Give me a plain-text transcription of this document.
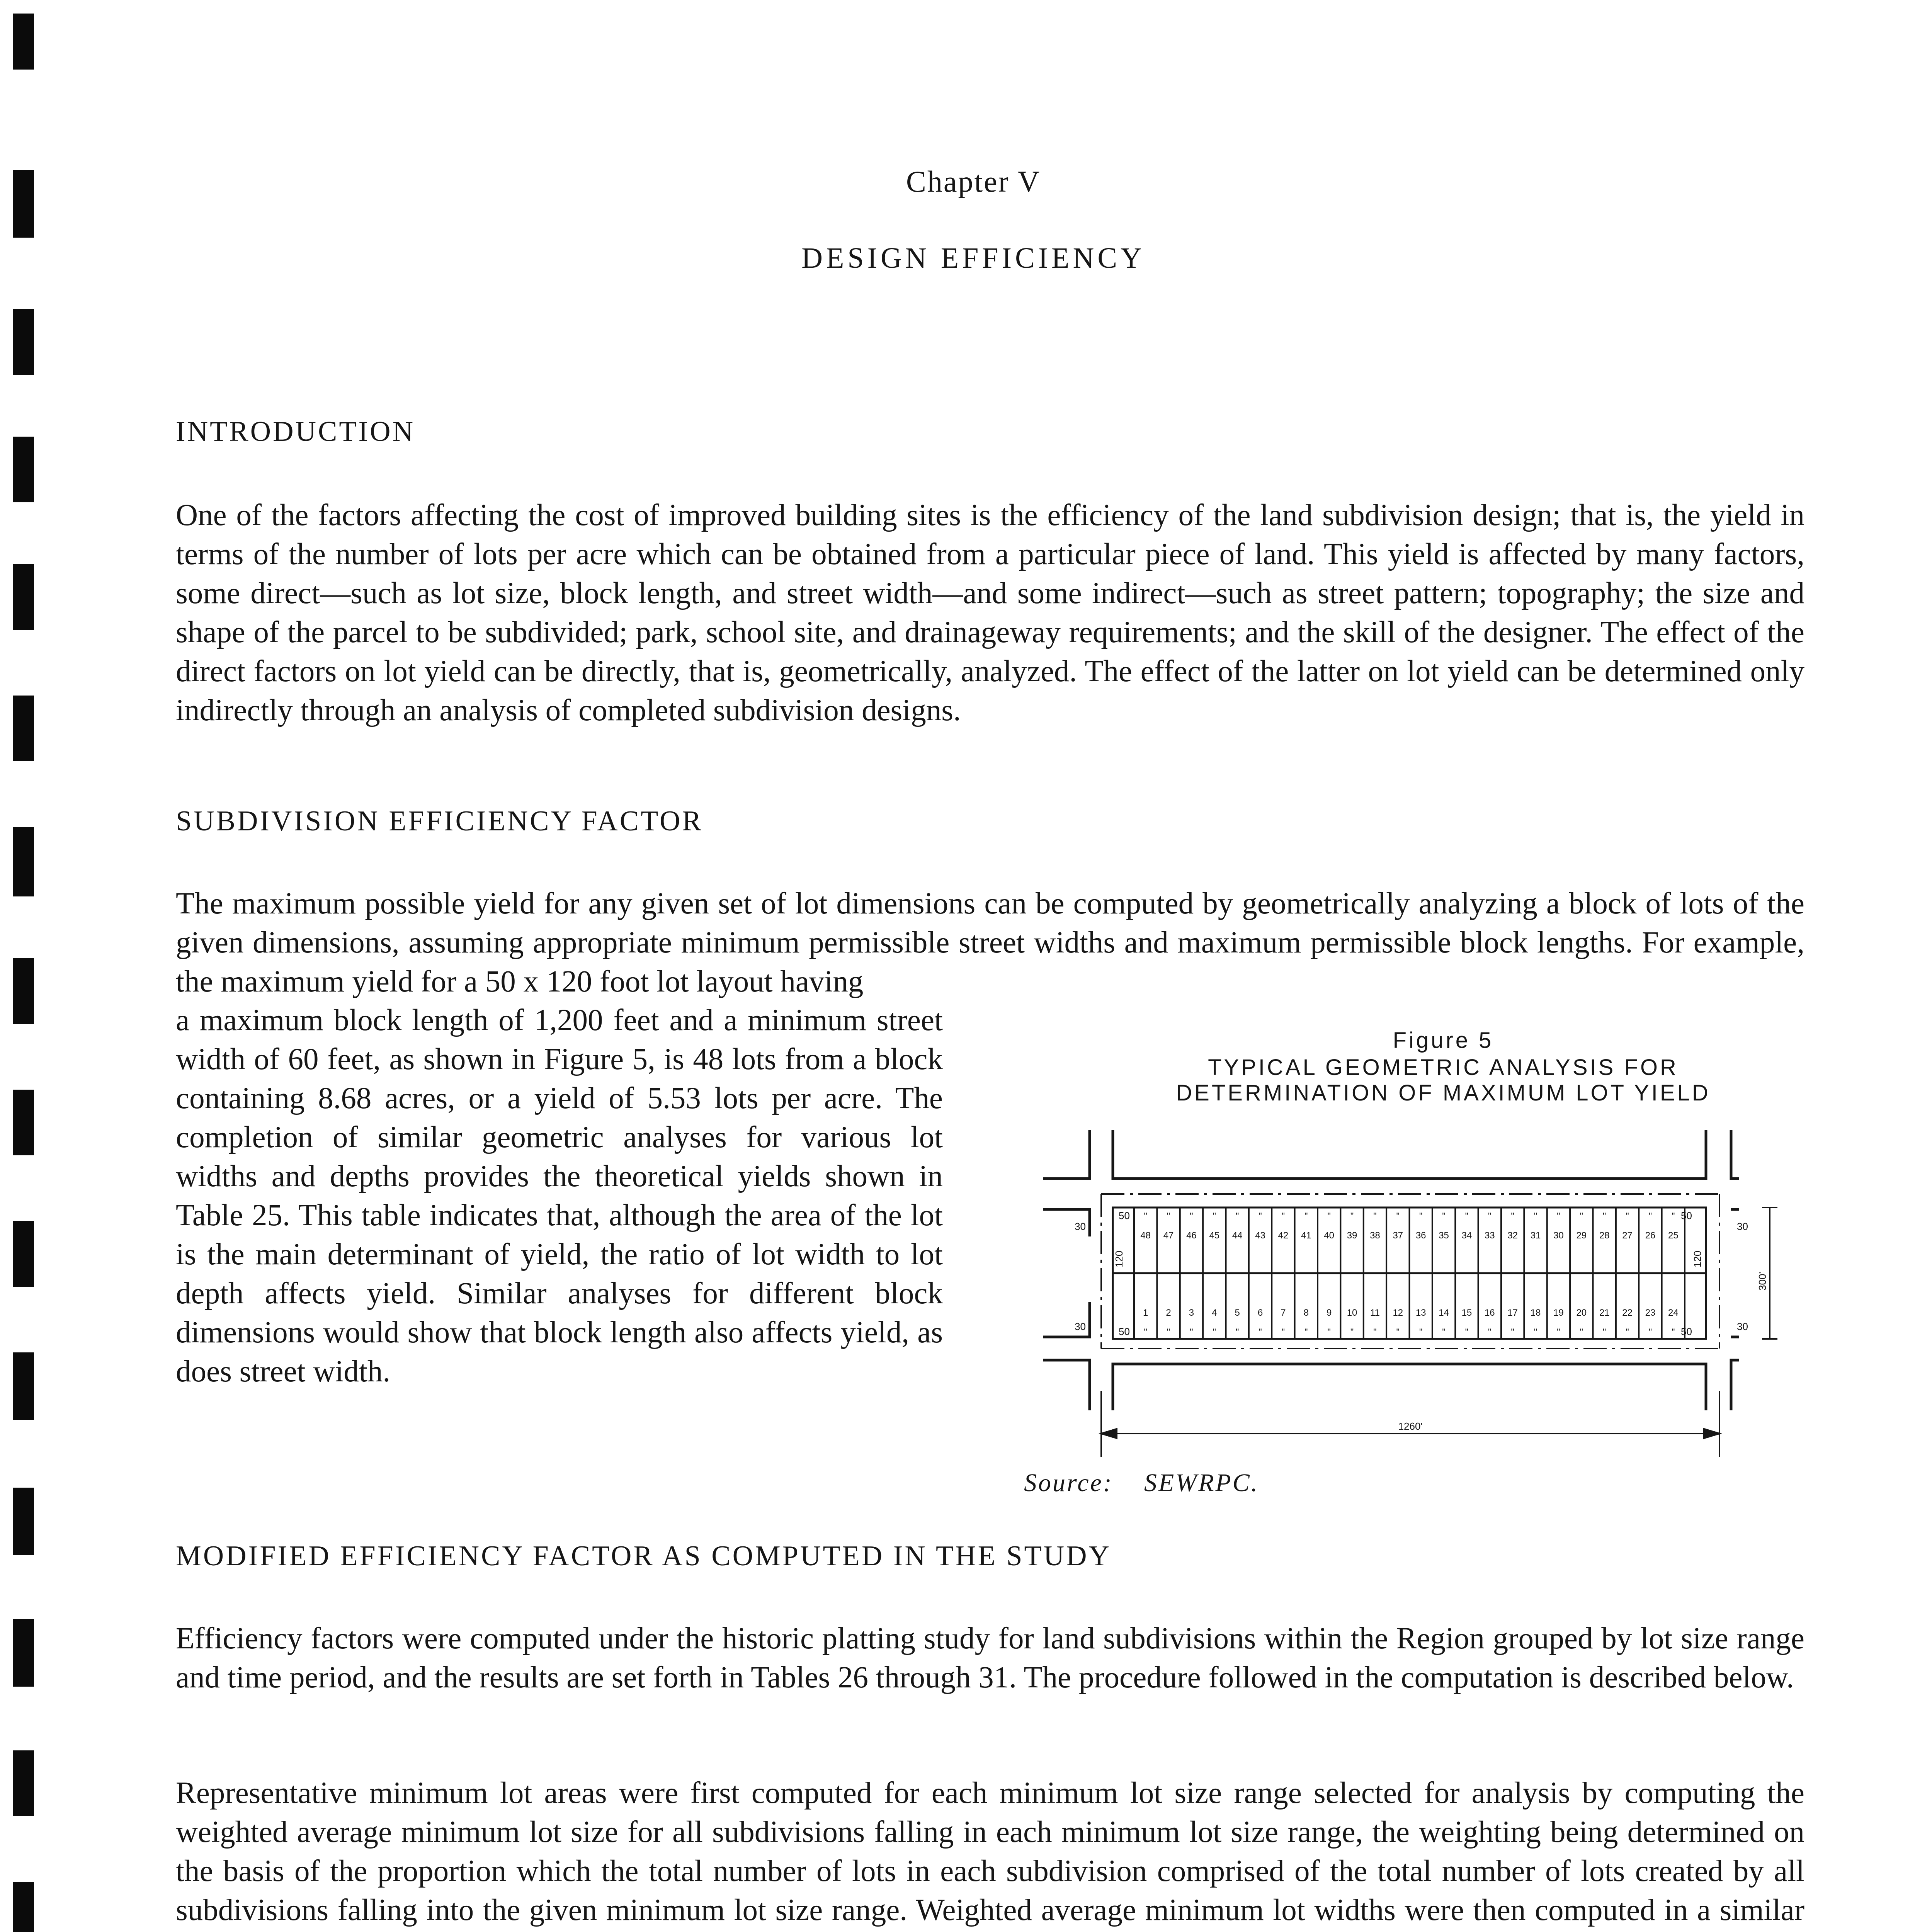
Chapter V
DESIGN EFFICIENCY
INTRODUCTION
One of the factors affecting the cost of improved building sites is the efficiency of the land subdivision design; that is, the yield in terms of the number of lots per acre which can be obtained from a particular piece of land. This yield is affected by many factors, some direct—such as lot size, block length, and street width—and some indirect—such as street pattern; topography; the size and shape of the parcel to be subdivided; park, school site, and drainageway requirements; and the skill of the designer. The effect of the direct factors on lot yield can be directly, that is, geometrically, analyzed. The effect of the latter on lot yield can be determined only indirectly through an analysis of completed subdivision designs.
SUBDIVISION EFFICIENCY FACTOR
The maximum possible yield for any given set of lot dimensions can be computed by geometrically analyzing a block of lots of the given dimensions, assuming appropriate minimum permissible street widths and maximum permissible block lengths. For example, the maximum yield for a 50 x 120 foot lot layout having
a maximum block length of 1,200 feet and a minimum street width of 60 feet, as shown in Figure 5, is 48 lots from a block containing 8.68 acres, or a yield of 5.53 lots per acre. The completion of similar geometric analyses for various lot widths and depths provides the theoretical yields shown in Table 25. This table indicates that, although the area of the lot is the main determinant of yield, the ratio of lot width to lot depth affects yield. Similar analyses for different block dimensions would show that block length also affects yield, as does street width.
Figure 5
TYPICAL GEOMETRIC ANALYSIS FOR
DETERMINATION OF MAXIMUM LOT YIELD
48 47 46 45 44 43 42 41 40 39 38 37 36 35 34 33 32 31 30 29 28 27 26 25
1 2 3 4 5 6 7 8 9 10 11 12 13 14 15 16 17 18 19 20 21 22 23 24
" " " " " " " " " " " " " " " " " " " " " " " "
" " " " " " " " " " " " " " " " " " " " " " " "
30
30
30
30
50
50
50
50
120	120
300'
1260'
Source: SEWRPC.
MODIFIED EFFICIENCY FACTOR AS COMPUTED IN THE STUDY
Efficiency factors were computed under the historic platting study for land subdivisions within the Region grouped by lot size range and time period, and the results are set forth in Tables 26 through 31. The procedure followed in the computation is described below.
Representative minimum lot areas were first computed for each minimum lot size range selected for analysis by computing the weighted average minimum lot size for all subdivisions falling in each minimum lot size range, the weighting being determined on the basis of the proportion which the total number of lots in each subdivision comprised of the total number of lots created by all subdivisions falling into the given minimum lot size range. Weighted average minimum lot widths were then computed in a similar
